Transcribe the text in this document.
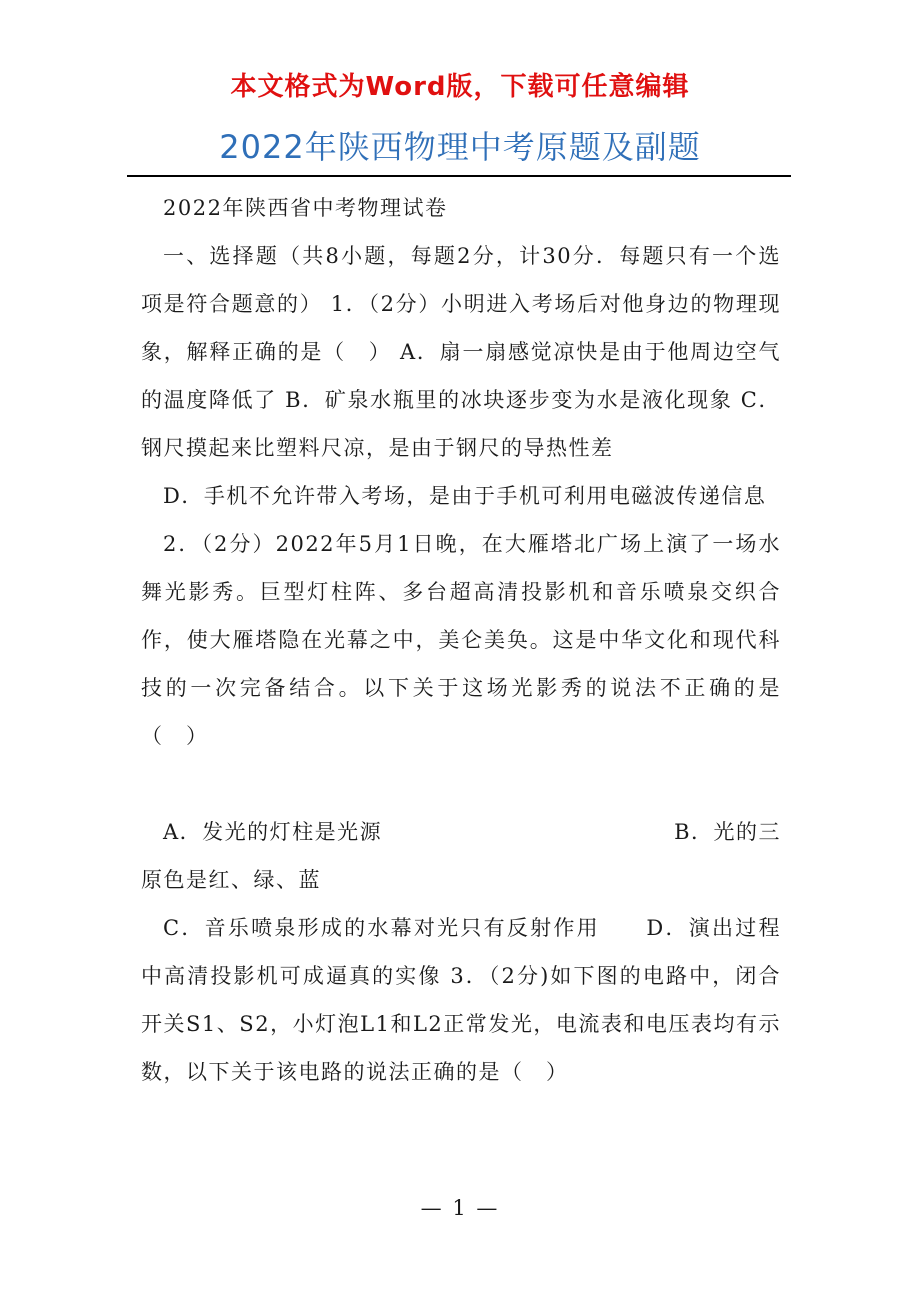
本文格式为Word版，下载可任意编辑
2022年陕西物理中考原题及副题

2022年陕西省中考物理试卷

一、选择题（共8小题，每题2分，计30分．每题只有一个选项是符合题意的） 1．（2分）小明进入考场后对他身边的物理现象，解释正确的是（　） A．扇一扇感觉凉快是由于他周边空气的温度降低了 B．矿泉水瓶里的冰块逐步变为水是液化现象 C．钢尺摸起来比塑料尺凉，是由于钢尺的导热性差

D．手机不允许带入考场，是由于手机可利用电磁波传递信息

2．（2分）2022年5月1日晚，在大雁塔北广场上演了一场水舞光影秀。巨型灯柱阵、多台超高清投影机和音乐喷泉交织合作，使大雁塔隐在光幕之中，美仑美奂。这是中华文化和现代科技的一次完备结合。以下关于这场光影秀的说法不正确的是（　）

A．发光的灯柱是光源	B．光的三

原色是红、绿、蓝

C．音乐喷泉形成的水幕对光只有反射作用　　D．演出过程中高清投影机可成逼真的实像 3．（2分)如下图的电路中，闭合开关S1、S2，小灯泡L1和L2正常发光，电流表和电压表均有示数，以下关于该电路的说法正确的是（　）

— 1 —
